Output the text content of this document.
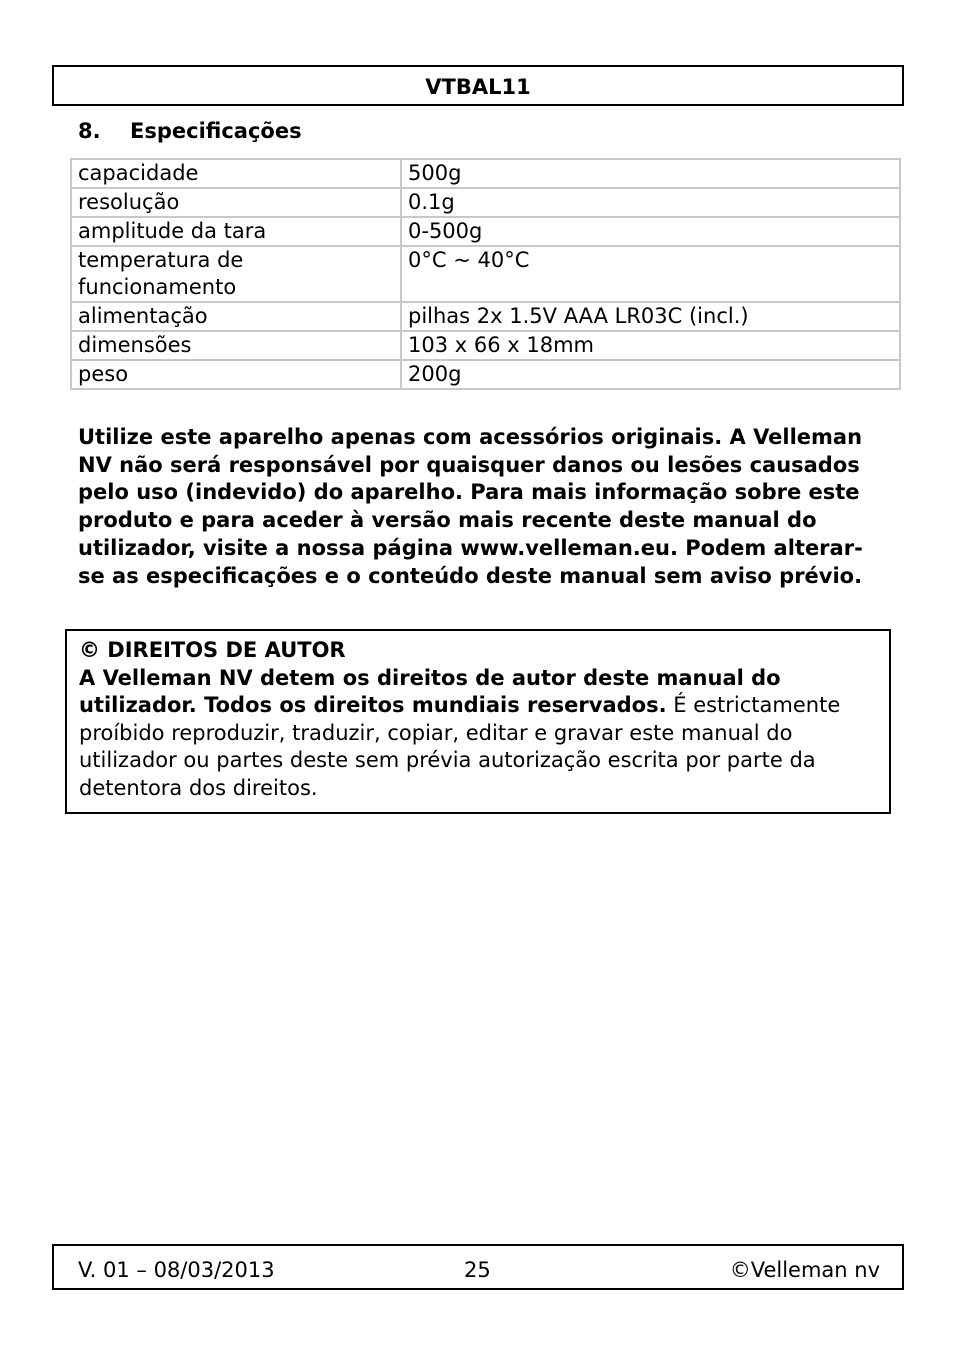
VTBAL11
8. Especificações
capacidade	500g
resolução	0.1g
amplitude da tara	0-500g
temperatura de funcionamento	0°C ~ 40°C
alimentação	pilhas 2x 1.5V AAA LR03C (incl.)
dimensões	103 x 66 x 18mm
peso	200g
Utilize este aparelho apenas com acessórios originais. A Velleman NV não será responsável por quaisquer danos ou lesões causados pelo uso (indevido) do aparelho. Para mais informação sobre este produto e para aceder à versão mais recente deste manual do utilizador, visite a nossa página www.velleman.eu. Podem alterar-se as especificações e o conteúdo deste manual sem aviso prévio.
© DIREITOS DE AUTOR
A Velleman NV detem os direitos de autor deste manual do utilizador. Todos os direitos mundiais reservados. É estrictamente proíbido reproduzir, traduzir, copiar, editar e gravar este manual do utilizador ou partes deste sem prévia autorização escrita por parte da detentora dos direitos.
V. 01 – 08/03/2013	25	©Velleman nv
